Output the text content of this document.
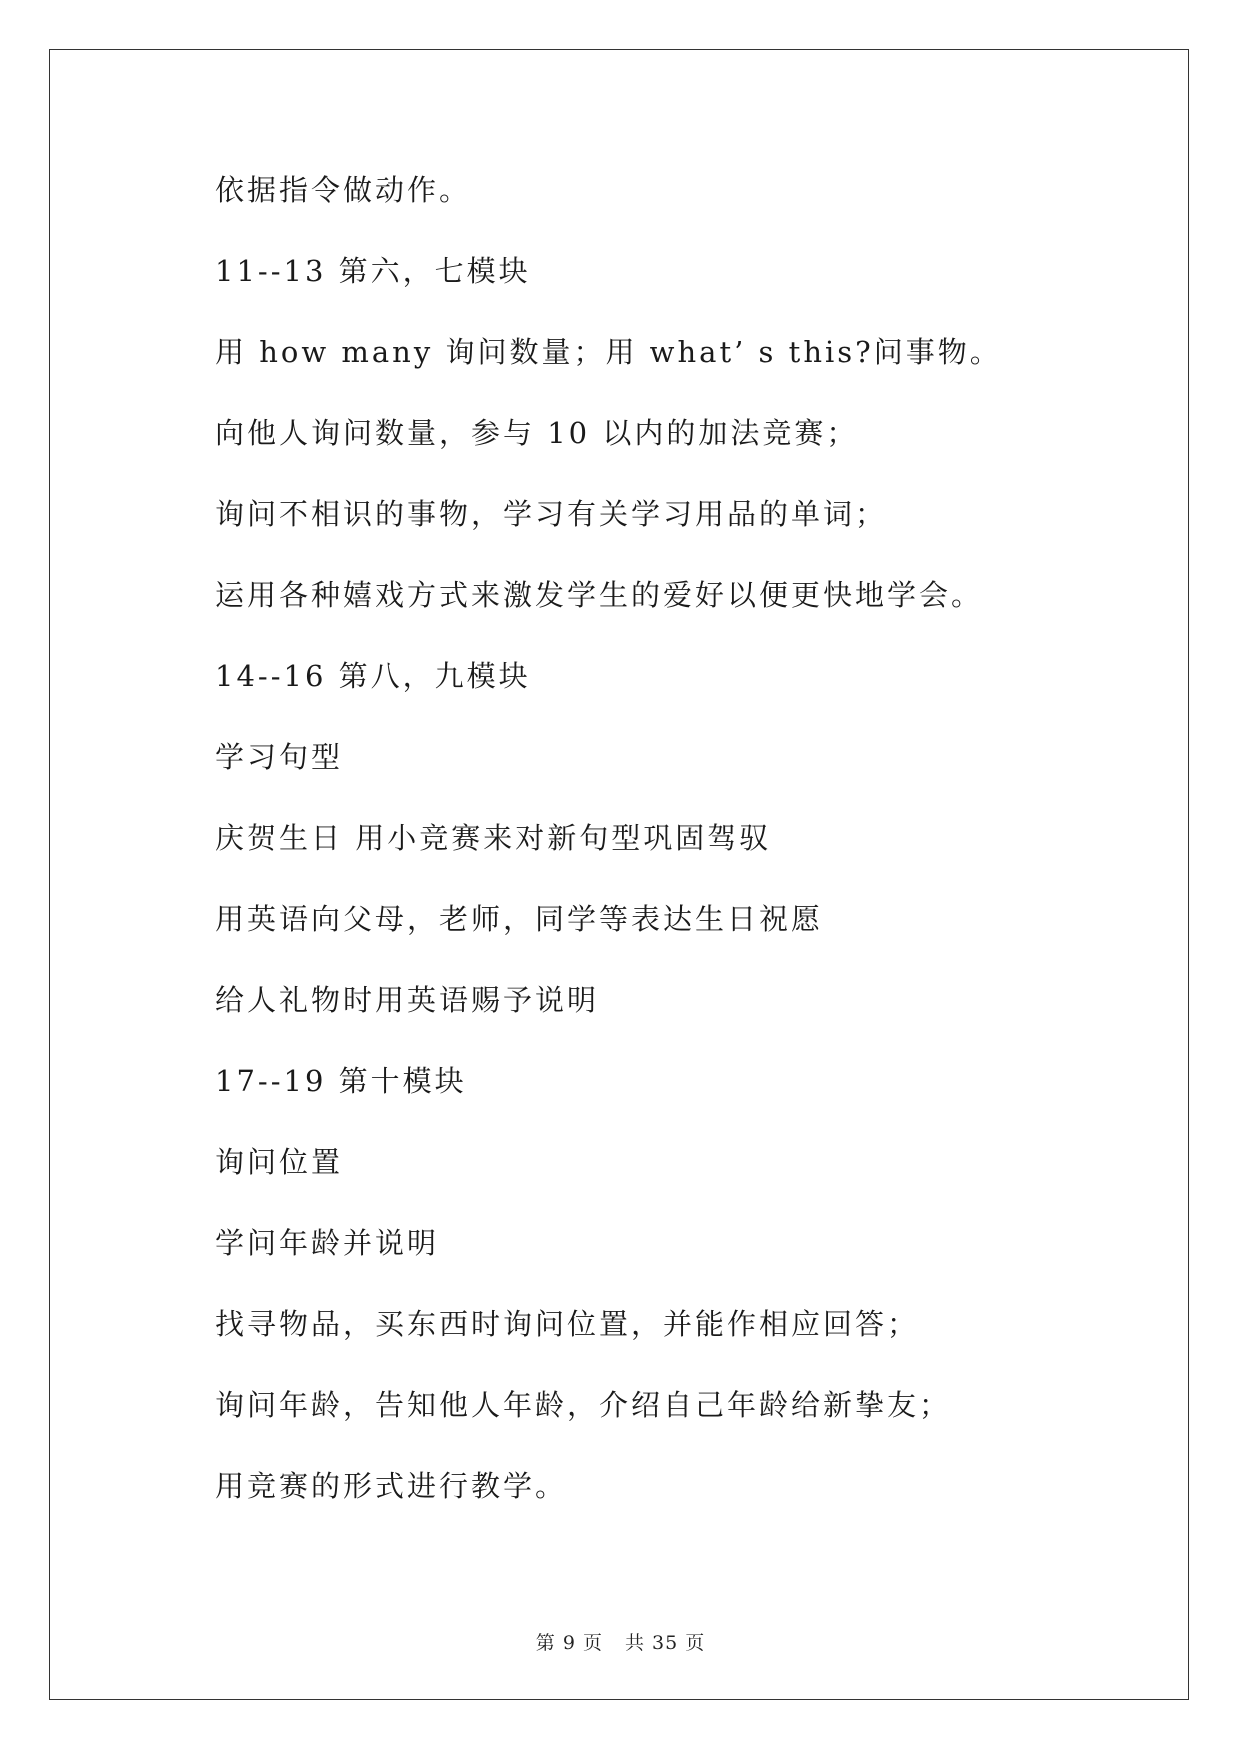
依据指令做动作。
11--13 第六，七模块
用 how many 询问数量；用 what’ s this?问事物。
向他人询问数量，参与 10 以内的加法竞赛；
询问不相识的事物，学习有关学习用品的单词；
运用各种嬉戏方式来激发学生的爱好以便更快地学会。
14--16 第八，九模块
学习句型
庆贺生日 用小竞赛来对新句型巩固驾驭
用英语向父母，老师，同学等表达生日祝愿
给人礼物时用英语赐予说明
17--19 第十模块
询问位置
学问年龄并说明
找寻物品，买东西时询问位置，并能作相应回答；
询问年龄，告知他人年龄，介绍自己年龄给新挚友；
用竞赛的形式进行教学。
第 9 页 共 35 页
